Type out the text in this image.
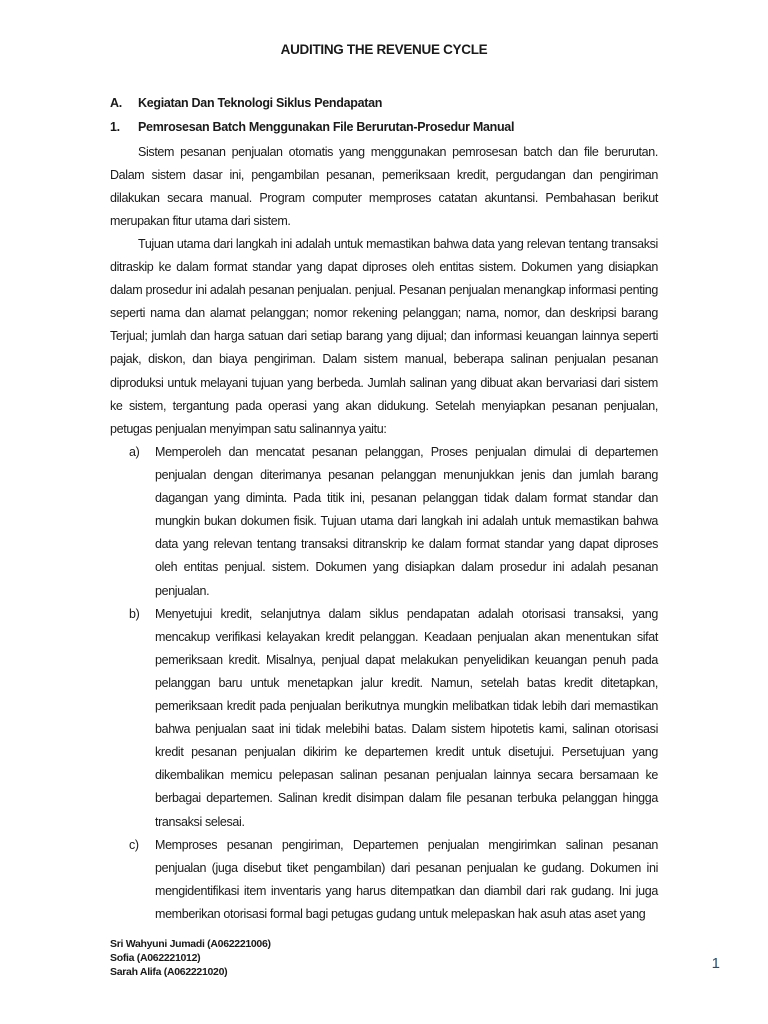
AUDITING THE REVENUE CYCLE
A. Kegiatan Dan Teknologi Siklus Pendapatan
1. Pemrosesan Batch Menggunakan File Berurutan-Prosedur Manual

Sistem pesanan penjualan otomatis yang menggunakan pemrosesan batch dan file berurutan. Dalam sistem dasar ini, pengambilan pesanan, pemeriksaan kredit, pergudangan dan pengiriman dilakukan secara manual. Program computer memproses catatan akuntansi. Pembahasan berikut merupakan fitur utama dari sistem.

Tujuan utama dari langkah ini adalah untuk memastikan bahwa data yang relevan tentang transaksi ditraskip ke dalam format standar yang dapat diproses oleh entitas sistem. Dokumen yang disiapkan dalam prosedur ini adalah pesanan penjualan. penjual. Pesanan penjualan menangkap informasi penting seperti nama dan alamat pelanggan; nomor rekening pelanggan; nama, nomor, dan deskripsi barang Terjual; jumlah dan harga satuan dari setiap barang yang dijual; dan informasi keuangan lainnya seperti pajak, diskon, dan biaya pengiriman. Dalam sistem manual, beberapa salinan penjualan pesanan diproduksi untuk melayani tujuan yang berbeda. Jumlah salinan yang dibuat akan bervariasi dari sistem ke sistem, tergantung pada operasi yang akan didukung. Setelah menyiapkan pesanan penjualan, petugas penjualan menyimpan satu salinannya yaitu:

a) Memperoleh dan mencatat pesanan pelanggan, Proses penjualan dimulai di departemen penjualan dengan diterimanya pesanan pelanggan menunjukkan jenis dan jumlah barang dagangan yang diminta. Pada titik ini, pesanan pelanggan tidak dalam format standar dan mungkin bukan dokumen fisik. Tujuan utama dari langkah ini adalah untuk memastikan bahwa data yang relevan tentang transaksi ditranskrip ke dalam format standar yang dapat diproses oleh entitas penjual. sistem. Dokumen yang disiapkan dalam prosedur ini adalah pesanan penjualan.
b) Menyetujui kredit, selanjutnya dalam siklus pendapatan adalah otorisasi transaksi, yang mencakup verifikasi kelayakan kredit pelanggan. Keadaan penjualan akan menentukan sifat pemeriksaan kredit. Misalnya, penjual dapat melakukan penyelidikan keuangan penuh pada pelanggan baru untuk menetapkan jalur kredit. Namun, setelah batas kredit ditetapkan, pemeriksaan kredit pada penjualan berikutnya mungkin melibatkan tidak lebih dari memastikan bahwa penjualan saat ini tidak melebihi batas. Dalam sistem hipotetis kami, salinan otorisasi kredit pesanan penjualan dikirim ke departemen kredit untuk disetujui. Persetujuan yang dikembalikan memicu pelepasan salinan pesanan penjualan lainnya secara bersamaan ke berbagai departemen. Salinan kredit disimpan dalam file pesanan terbuka pelanggan hingga transaksi selesai.
c) Memproses pesanan pengiriman, Departemen penjualan mengirimkan salinan pesanan penjualan (juga disebut tiket pengambilan) dari pesanan penjualan ke gudang. Dokumen ini mengidentifikasi item inventaris yang harus ditempatkan dan diambil dari rak gudang. Ini juga memberikan otorisasi formal bagi petugas gudang untuk melepaskan hak asuh atas aset yang
Sri Wahyuni Jumadi (A062221006)
Sofia (A062221012)
Sarah Alifa (A062221020)	1
